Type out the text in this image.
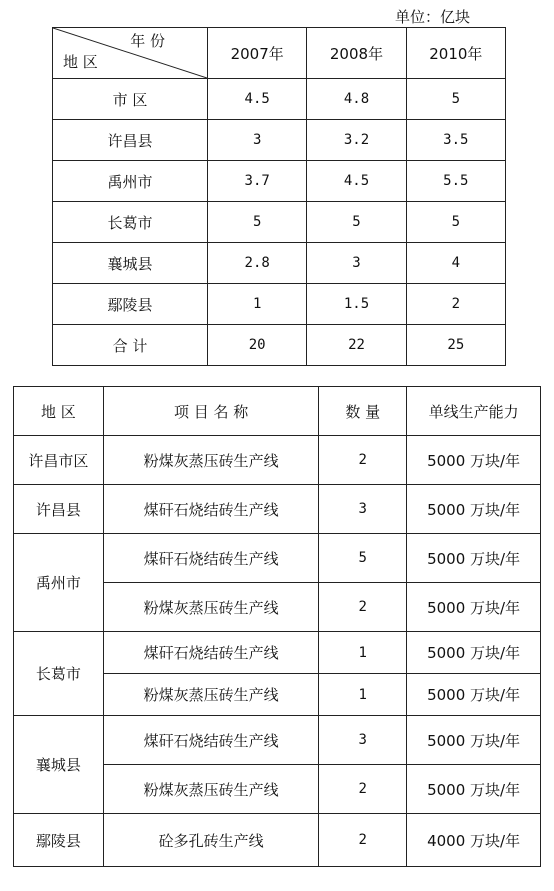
单位：亿块
年 份
地 区	2007年	2008年	2010年
市 区	4.5	4.8	5
许昌县	3	3.2	3.5
禹州市	3.7	4.5	5.5
长葛市	5	5	5
襄城县	2.8	3	4
鄢陵县	1	1.5	2
合 计	20	22	25
地 区	项 目 名 称	数 量	单线生产能力
许昌市区	粉煤灰蒸压砖生产线	2	5000 万块/年
许昌县	煤矸石烧结砖生产线	3	5000 万块/年
禹州市	煤矸石烧结砖生产线	5	5000 万块/年
	粉煤灰蒸压砖生产线	2	5000 万块/年
长葛市	煤矸石烧结砖生产线	1	5000 万块/年
	粉煤灰蒸压砖生产线	1	5000 万块/年
襄城县	煤矸石烧结砖生产线	3	5000 万块/年
	粉煤灰蒸压砖生产线	2	5000 万块/年
鄢陵县	砼多孔砖生产线	2	4000 万块/年
